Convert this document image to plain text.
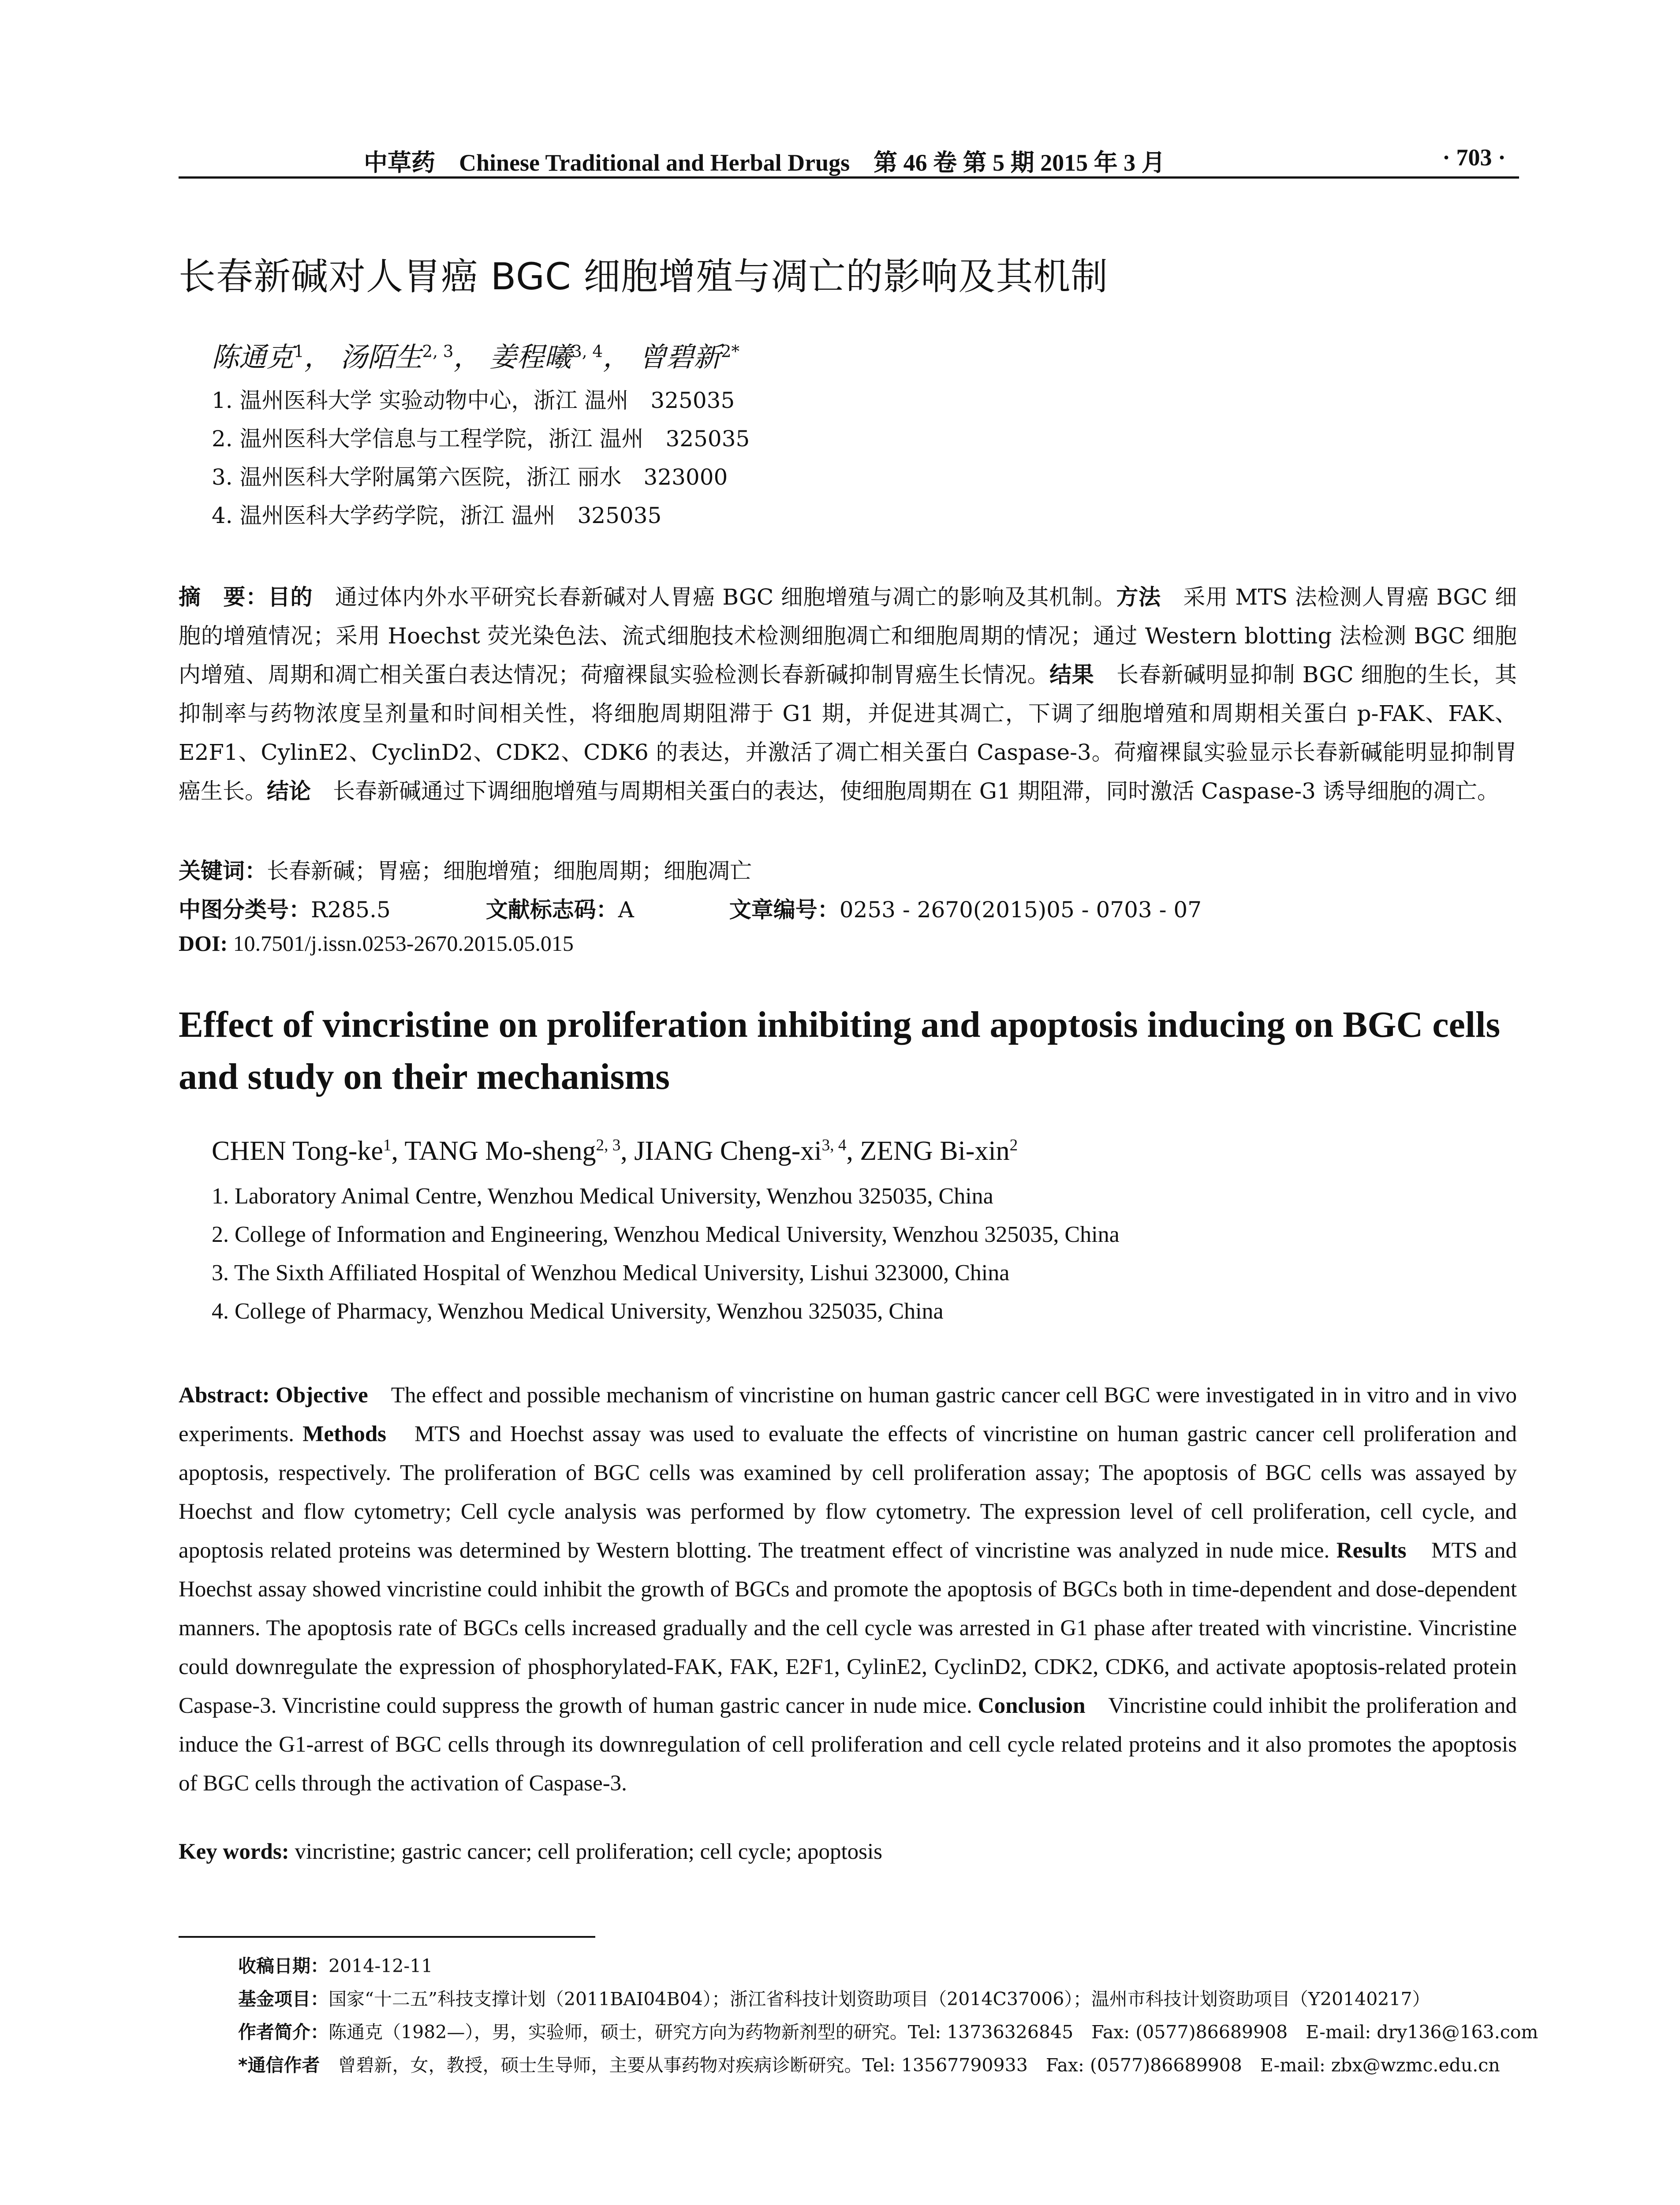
中草药　Chinese Traditional and Herbal Drugs　第 46 卷 第 5 期 2015 年 3 月	· 703 ·
长春新碱对人胃癌 BGC 细胞增殖与凋亡的影响及其机制
陈通克$^1$， 汤陌生$^{2, 3}$， 姜程曦$^{3, 4}$， 曾碧新$^{2*}$
1. 温州医科大学 实验动物中心，浙江 温州　325035
2. 温州医科大学信息与工程学院，浙江 温州　325035
3. 温州医科大学附属第六医院，浙江 丽水　323000
4. 温州医科大学药学院，浙江 温州　325035
摘　要：目的　通过体内外水平研究长春新碱对人胃癌 BGC 细胞增殖与凋亡的影响及其机制。方法　采用 MTS 法检测人胃癌 BGC 细胞的增殖情况；采用 Hoechst 荧光染色法、流式细胞技术检测细胞凋亡和细胞周期的情况；通过 Western blotting 法检测 BGC 细胞内增殖、周期和凋亡相关蛋白表达情况；荷瘤裸鼠实验检测长春新碱抑制胃癌生长情况。结果　长春新碱明显抑制 BGC 细胞的生长，其抑制率与药物浓度呈剂量和时间相关性，将细胞周期阻滞于 G1 期，并促进其凋亡，下调了细胞增殖和周期相关蛋白 p-FAK、FAK、E2F1、CylinE2、CyclinD2、CDK2、CDK6 的表达，并激活了凋亡相关蛋白 Caspase-3。荷瘤裸鼠实验显示长春新碱能明显抑制胃癌生长。结论　长春新碱通过下调细胞增殖与周期相关蛋白的表达，使细胞周期在 G1 期阻滞，同时激活 Caspase-3 诱导细胞的凋亡。
关键词：长春新碱；胃癌；细胞增殖；细胞周期；细胞凋亡
中图分类号：R285.5	文献标志码：A	文章编号：0253 - 2670(2015)05 - 0703 - 07
DOI: 10.7501/j.issn.0253-2670.2015.05.015
Effect of vincristine on proliferation inhibiting and apoptosis inducing on BGC cells and study on their mechanisms
CHEN Tong-$ke^1$, TANG Mo-sheng$^{2, 3}$, JIANG Cheng-xi$^{3, 4}$, ZENG Bi-xin$^2$
1. Laboratory Animal Centre, Wenzhou Medical University, Wenzhou 325035, China
2. College of Information and Engineering, Wenzhou Medical University, Wenzhou 325035, China
3. The Sixth Affiliated Hospital of Wenzhou Medical University, Lishui 323000, China
4. College of Pharmacy, Wenzhou Medical University, Wenzhou 325035, China
Abstract: Objective　The effect and possible mechanism of vincristine on human gastric cancer cell BGC were investigated in in vitro and in vivo experiments. Methods　MTS and Hoechst assay was used to evaluate the effects of vincristine on human gastric cancer cell proliferation and apoptosis, respectively. The proliferation of BGC cells was examined by cell proliferation assay; The apoptosis of BGC cells was assayed by Hoechst and flow cytometry; Cell cycle analysis was performed by flow cytometry. The expression level of cell proliferation, cell cycle, and apoptosis related proteins was determined by Western blotting. The treatment effect of vincristine was analyzed in nude mice. Results　MTS and Hoechst assay showed vincristine could inhibit the growth of BGCs and promote the apoptosis of BGCs both in time-dependent and dose-dependent manners. The apoptosis rate of BGCs cells increased gradually and the cell cycle was arrested in G1 phase after treated with vincristine. Vincristine could downregulate the expression of phosphorylated-FAK, FAK, E2F1, CylinE2, CyclinD2, CDK2, CDK6, and activate apoptosis-related protein Caspase-3. Vincristine could suppress the growth of human gastric cancer in nude mice. Conclusion　Vincristine could inhibit the proliferation and induce the G1-arrest of BGC cells through its downregulation of cell proliferation and cell cycle related proteins and it also promotes the apoptosis of BGC cells through the activation of Caspase-3.
Key words: vincristine; gastric cancer; cell proliferation; cell cycle; apoptosis
收稿日期：2014-12-11
基金项目：国家“十二五”科技支撑计划（2011BAI04B04）；浙江省科技计划资助项目（2014C37006）；温州市科技计划资助项目（Y20140217）
作者简介：陈通克（1982—），男，实验师，硕士，研究方向为药物新剂型的研究。Tel: 13736326845　Fax: (0577)86689908　E-mail: dry136@163.com
*通信作者　曾碧新，女，教授，硕士生导师，主要从事药物对疾病诊断研究。Tel: 13567790933　Fax: (0577)86689908　E-mail: zbx@wzmc.edu.cn
